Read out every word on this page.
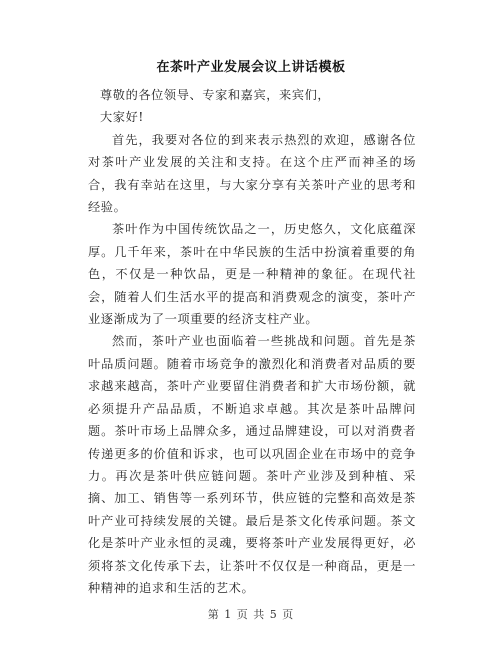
在茶叶产业发展会议上讲话模板

尊敬的各位领导、专家和嘉宾，来宾们，

大家好!

首先，我要对各位的到来表示热烈的欢迎，感谢各位对茶叶产业发展的关注和支持。在这个庄严而神圣的场合，我有幸站在这里，与大家分享有关茶叶产业的思考和经验。

茶叶作为中国传统饮品之一，历史悠久，文化底蕴深厚。几千年来，茶叶在中华民族的生活中扮演着重要的角色，不仅是一种饮品，更是一种精神的象征。在现代社会，随着人们生活水平的提高和消费观念的演变，茶叶产业逐渐成为了一项重要的经济支柱产业。

然而，茶叶产业也面临着一些挑战和问题。首先是茶叶品质问题。随着市场竞争的激烈化和消费者对品质的要求越来越高，茶叶产业要留住消费者和扩大市场份额，就必须提升产品品质，不断追求卓越。其次是茶叶品牌问题。茶叶市场上品牌众多，通过品牌建设，可以对消费者传递更多的价值和诉求，也可以巩固企业在市场中的竞争力。再次是茶叶供应链问题。茶叶产业涉及到种植、采摘、加工、销售等一系列环节，供应链的完整和高效是茶叶产业可持续发展的关键。最后是茶文化传承问题。茶文化是茶叶产业永恒的灵魂，要将茶叶产业发展得更好，必须将茶文化传承下去，让茶叶不仅仅是一种商品，更是一种精神的追求和生活的艺术。

第 1 页 共 5 页
